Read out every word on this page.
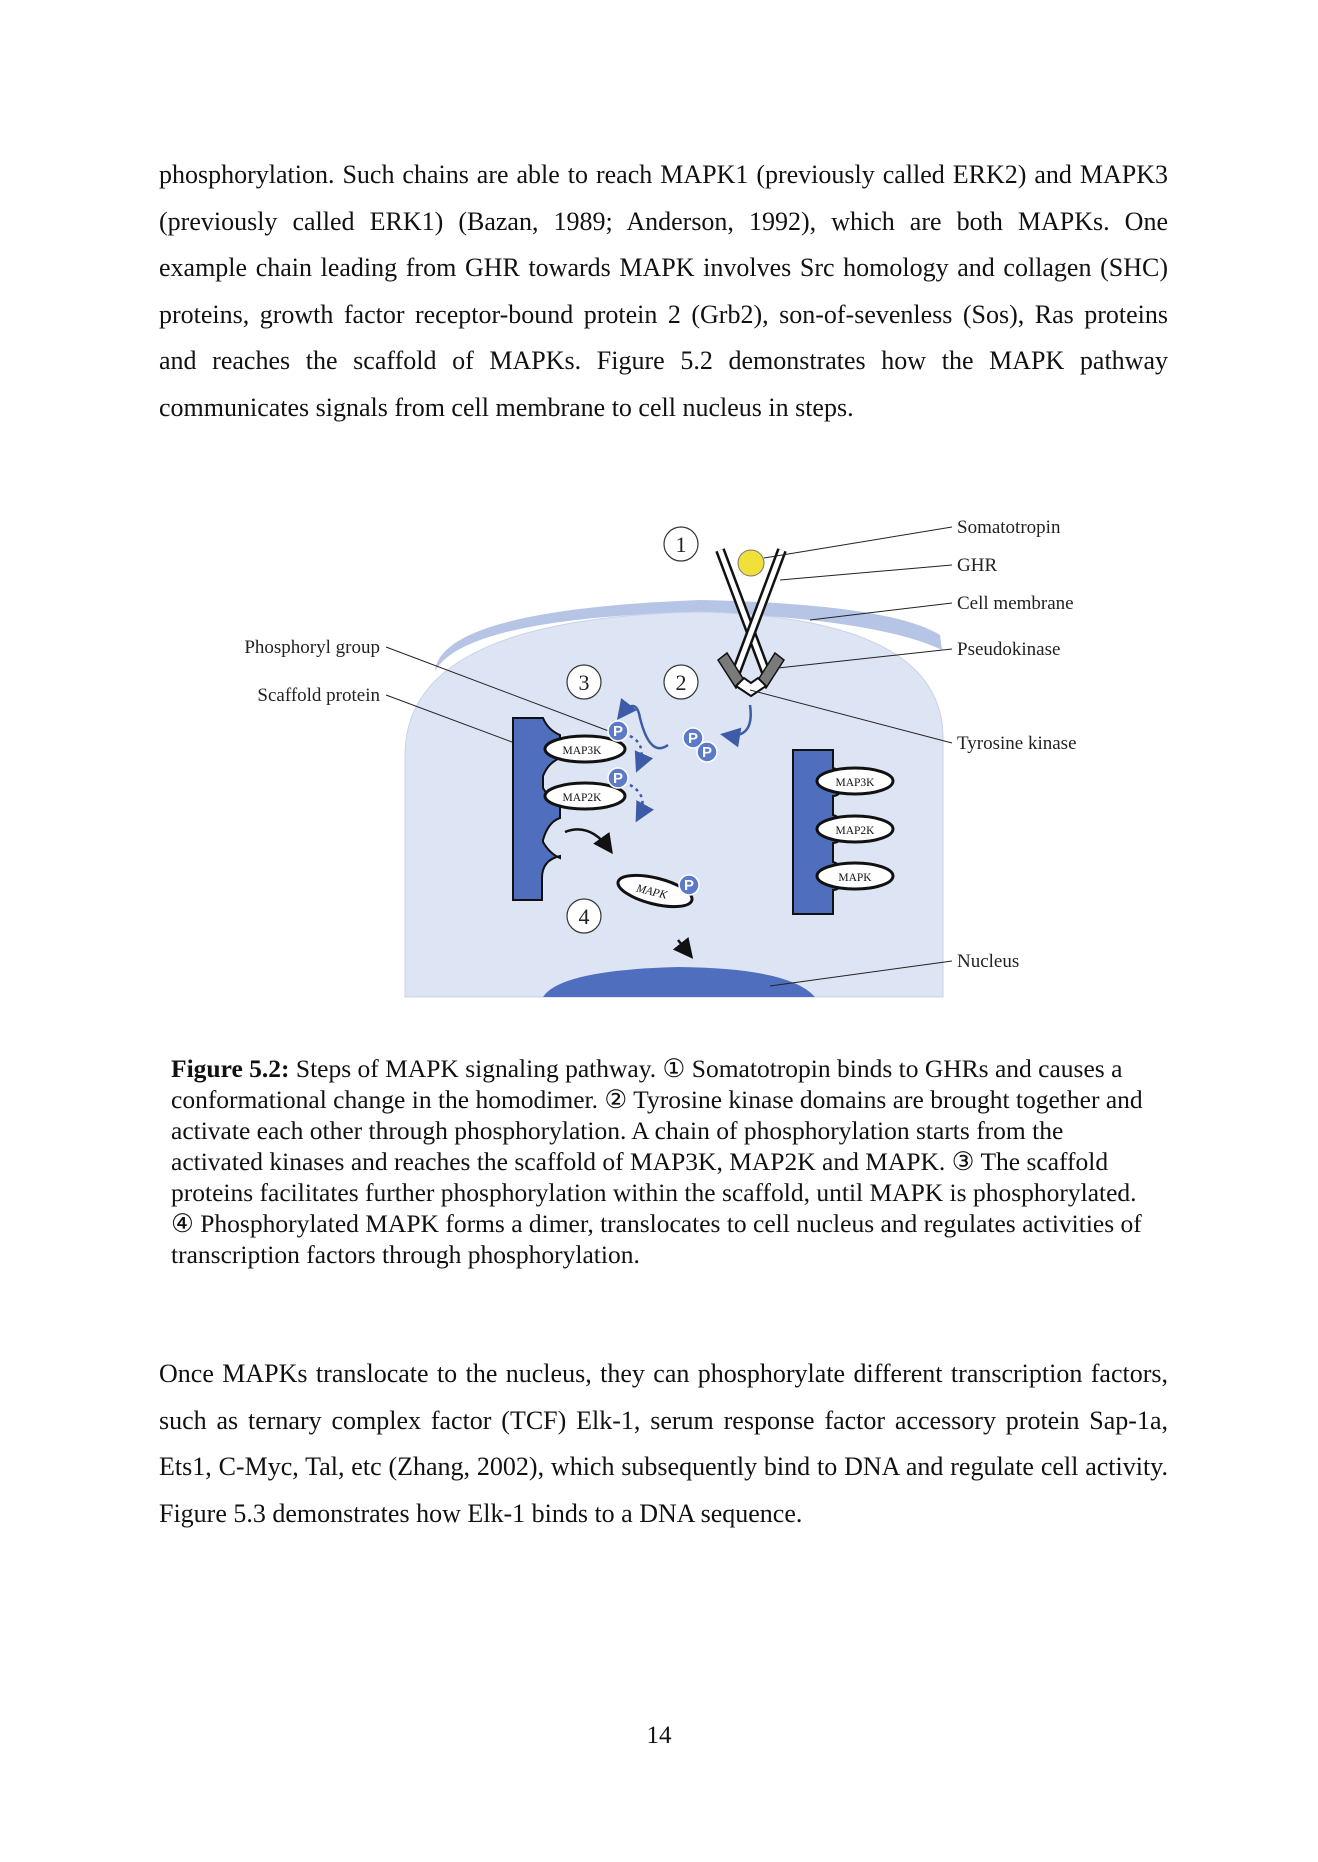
phosphorylation. Such chains are able to reach MAPK1 (previously called ERK2) and MAPK3 (previously called ERK1) (Bazan, 1989; Anderson, 1992), which are both MAPKs. One example chain leading from GHR towards MAPK involves Src homology and collagen (SHC) proteins, growth factor receptor-bound protein 2 (Grb2), son-of-sevenless (Sos), Ras proteins and reaches the scaffold of MAPKs. Figure 5.2 demonstrates how the MAPK pathway communicates signals from cell membrane to cell nucleus in steps.

Somatotropin
GHR
Cell membrane
Pseudokinase
Tyrosine kinase
Nucleus
Phosphoryl group
Scaffold protein
1
2
3
4
MAP3K
MAP2K
P
P
P
P
MAPK P
MAP3K
MAP2K
MAPK

Figure 5.2: Steps of MAPK signaling pathway. ① Somatotropin binds to GHRs and causes a conformational change in the homodimer. ② Tyrosine kinase domains are brought together and activate each other through phosphorylation. A chain of phosphorylation starts from the activated kinases and reaches the scaffold of MAP3K, MAP2K and MAPK. ③ The scaffold proteins facilitates further phosphorylation within the scaffold, until MAPK is phosphorylated. ④ Phosphorylated MAPK forms a dimer, translocates to cell nucleus and regulates activities of transcription factors through phosphorylation.

Once MAPKs translocate to the nucleus, they can phosphorylate different transcription factors, such as ternary complex factor (TCF) Elk-1, serum response factor accessory protein Sap-1a, Ets1, C-Myc, Tal, etc (Zhang, 2002), which subsequently bind to DNA and regulate cell activity. Figure 5.3 demonstrates how Elk-1 binds to a DNA sequence.

14
